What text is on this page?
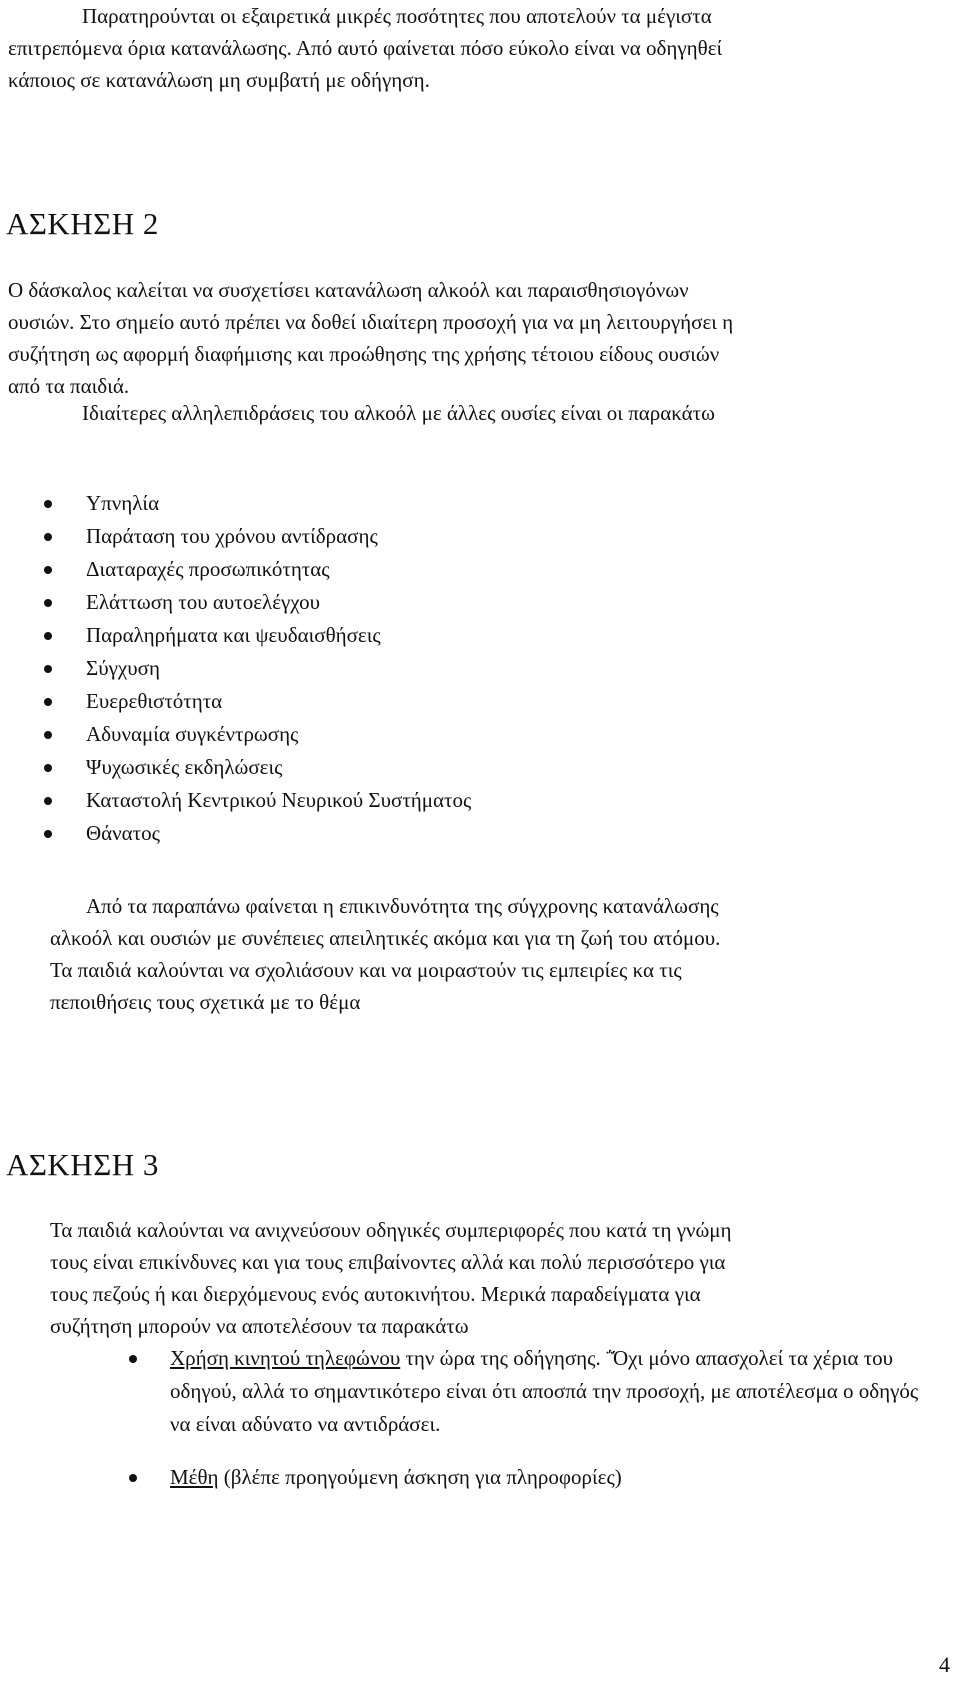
Παρατηρούνται οι εξαιρετικά μικρές ποσότητες που αποτελούν τα μέγιστα

επιτρεπόμενα όρια κατανάλωσης. Από αυτό φαίνεται πόσο εύκολο είναι να οδηγηθεί

κάποιος σε κατανάλωση μη συμβατή με οδήγηση.

ΑΣΚΗΣΗ 2

Ο δάσκαλος καλείται να συσχετίσει κατανάλωση αλκοόλ και παραισθησιογόνων

ουσιών. Στο σημείο αυτό πρέπει να δοθεί ιδιαίτερη προσοχή για να μη λειτουργήσει η

συζήτηση ως αφορμή διαφήμισης και προώθησης της χρήσης τέτοιου είδους ουσιών

από τα παιδιά.

Ιδιαίτερες αλληλεπιδράσεις του αλκοόλ με άλλες ουσίες είναι οι παρακάτω

Υπνηλία
Παράταση του χρόνου αντίδρασης
Διαταραχές προσωπικότητας
Ελάττωση του αυτοελέγχου
Παραληρήματα και ψευδαισθήσεις
Σύγχυση
Ευερεθιστότητα
Αδυναμία συγκέντρωσης
Ψυχωσικές εκδηλώσεις
Καταστολή Κεντρικού Νευρικού Συστήματος
Θάνατος

Από τα παραπάνω φαίνεται η επικινδυνότητα της σύγχρονης κατανάλωσης

αλκοόλ και ουσιών με συνέπειες απειλητικές ακόμα και για τη ζωή του ατόμου.

Τα παιδιά καλούνται να σχολιάσουν και να μοιραστούν τις εμπειρίες κα τις

πεποιθήσεις τους σχετικά με το θέμα

ΑΣΚΗΣΗ 3

Τα παιδιά καλούνται να ανιχνεύσουν οδηγικές συμπεριφορές που κατά τη γνώμη

τους είναι επικίνδυνες και για τους επιβαίνοντες αλλά και πολύ περισσότερο για

τους πεζούς ή και διερχόμενους ενός αυτοκινήτου. Μερικά παραδείγματα για

συζήτηση μπορούν να αποτελέσουν τα παρακάτω

Χρήση κινητού τηλεφώνου την ώρα της οδήγησης. ΅Όχι μόνο απασχολεί τα χέρια του οδηγού, αλλά το σημαντικότερο είναι ότι αποσπά την προσοχή, με αποτέλεσμα ο οδηγός να είναι αδύνατο να αντιδράσει.
Μέθη (βλέπε προηγούμενη άσκηση για πληροφορίες)
4
